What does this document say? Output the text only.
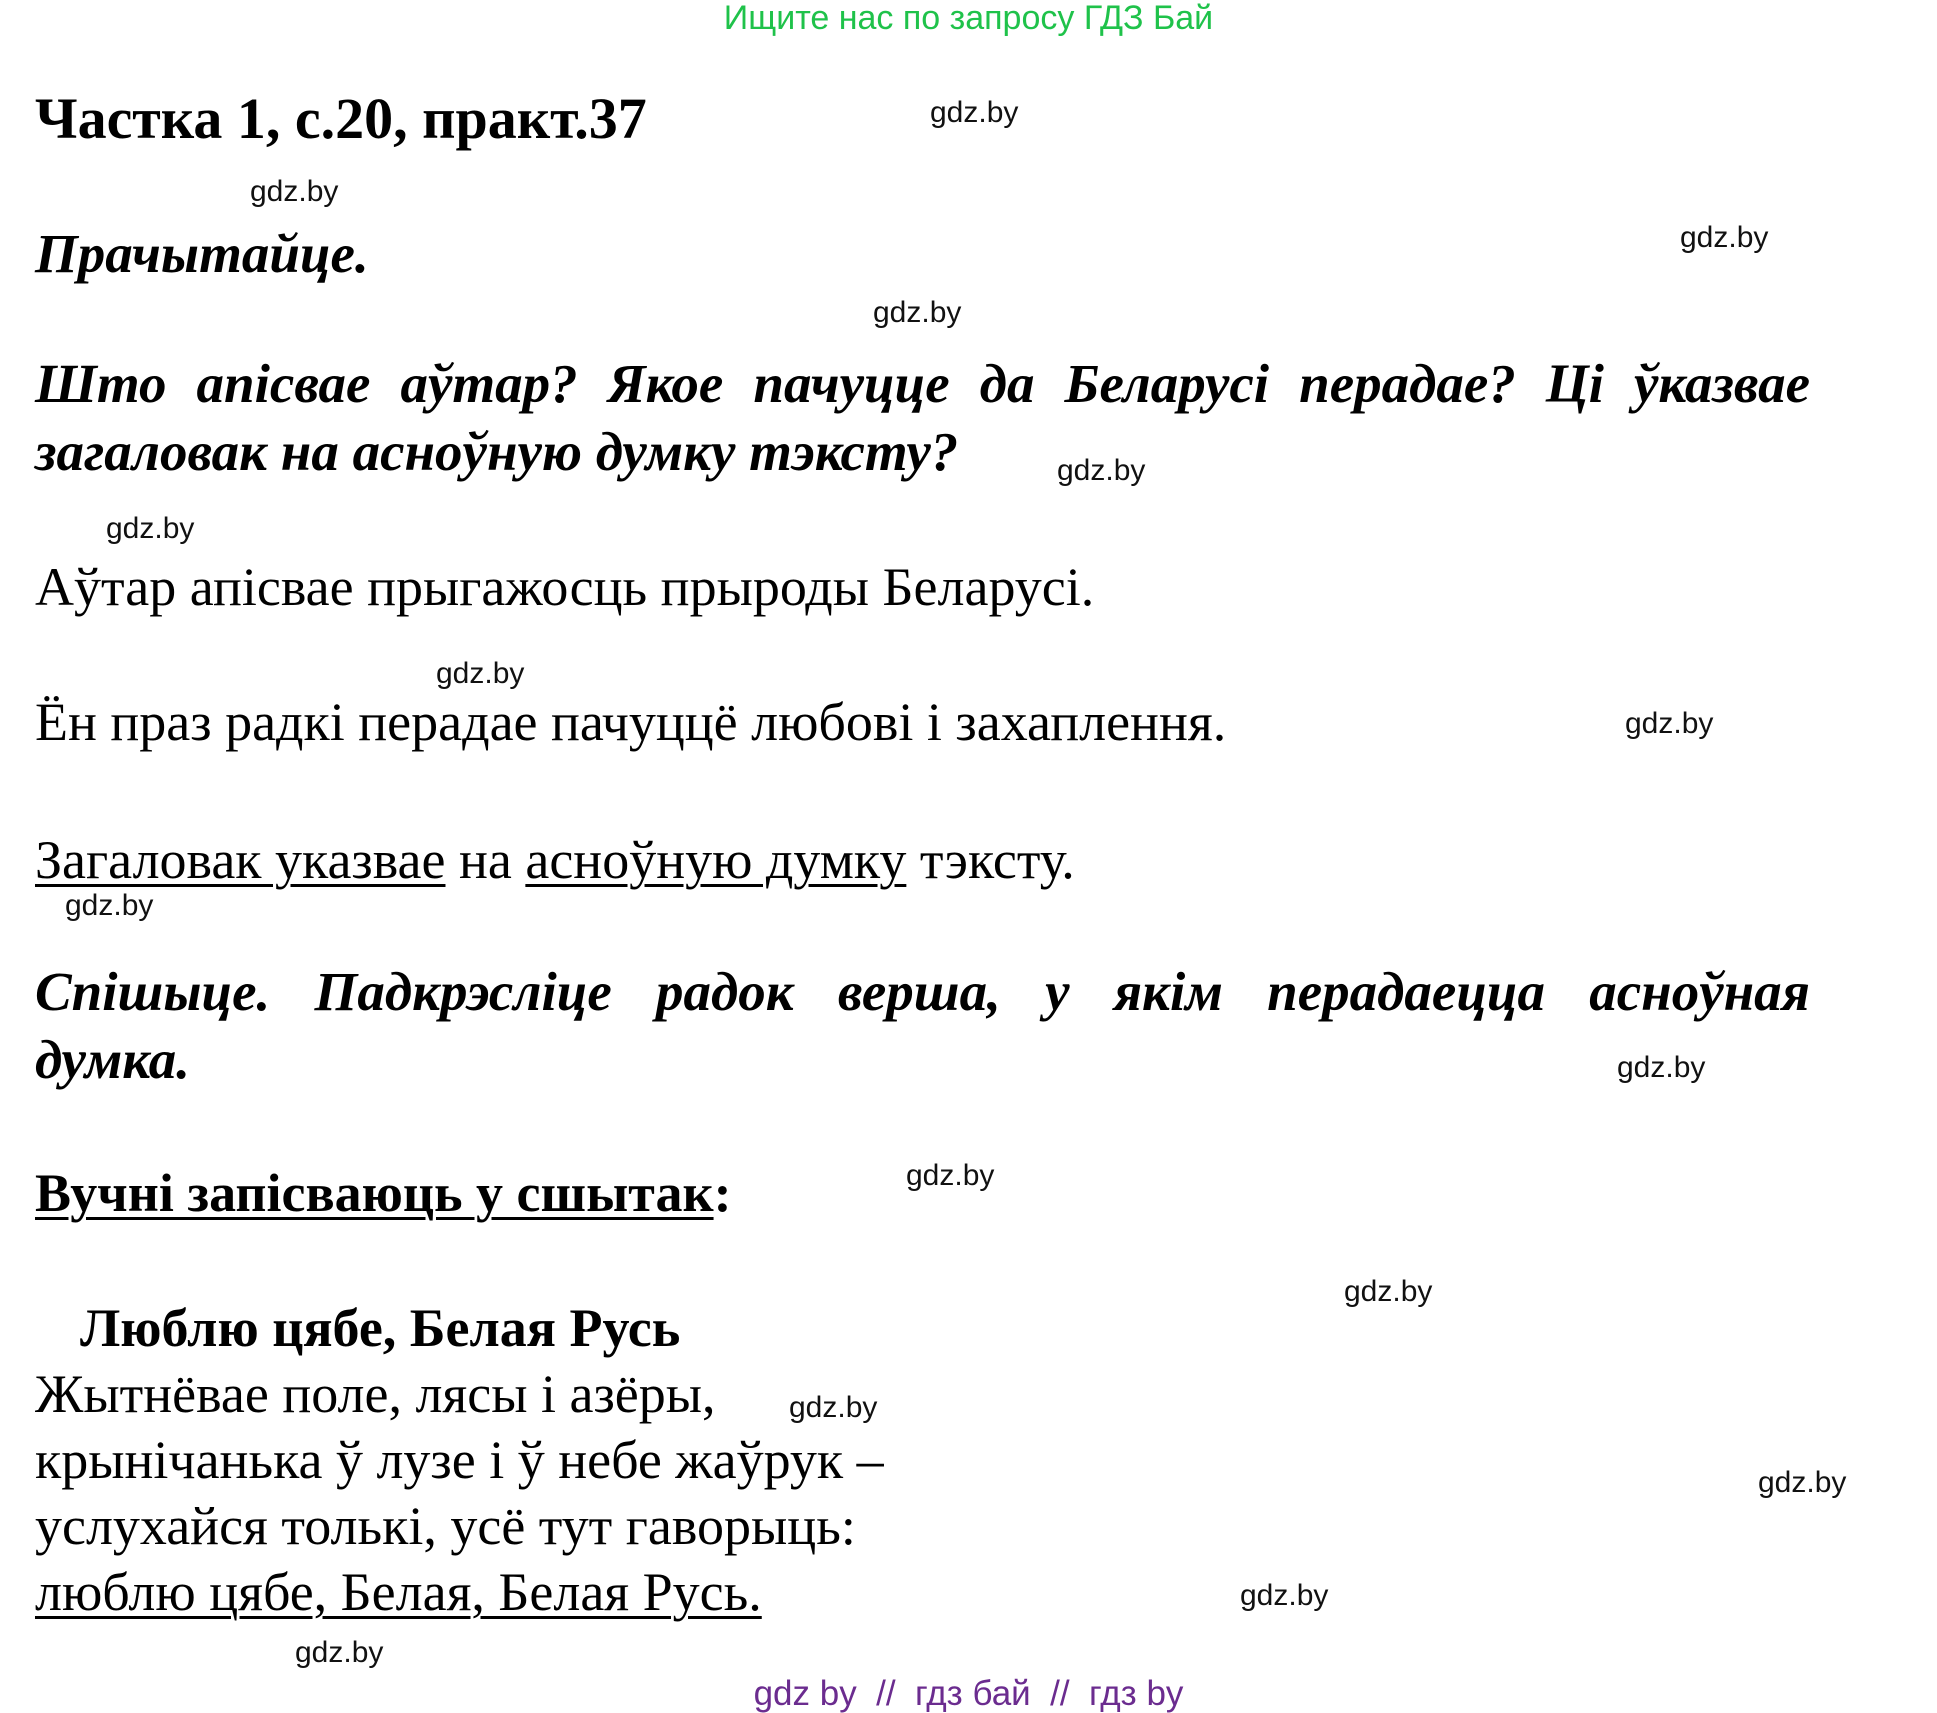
Ищите нас по запросу ГДЗ Бай
Частка 1, с.20, практ.37
Прачытайце.
Што апісвае аўтар? Якое пачуцце да Беларусі перадае? Ці ўказвае
загаловак на асноўную думку тэксту?
Аўтар апісвае прыгажосць прыроды Беларусі.
Ён праз радкі перадае пачуццё любові і захаплення.
Загаловак указвае на асноўную думку тэксту.
Спішыце. Падкрэсліце радок верша, у якім перадаецца асноўная
думка.
Вучні запісваюць у сшытак:
Люблю цябе, Белая Русь
Жытнёвае поле, лясы і азёры,
крынічанька ў лузе і ў небе жаўрук –
услухайся толькі, усё тут гаворыць:
люблю цябе, Белая, Белая Русь.
gdz.by
gdz.by
gdz.by
gdz.by
gdz.by
gdz.by
gdz.by
gdz.by
gdz.by
gdz.by
gdz.by
gdz.by
gdz.by
gdz.by
gdz.by
gdz.by
gdz by  //  гдз бай  //  гдз by
